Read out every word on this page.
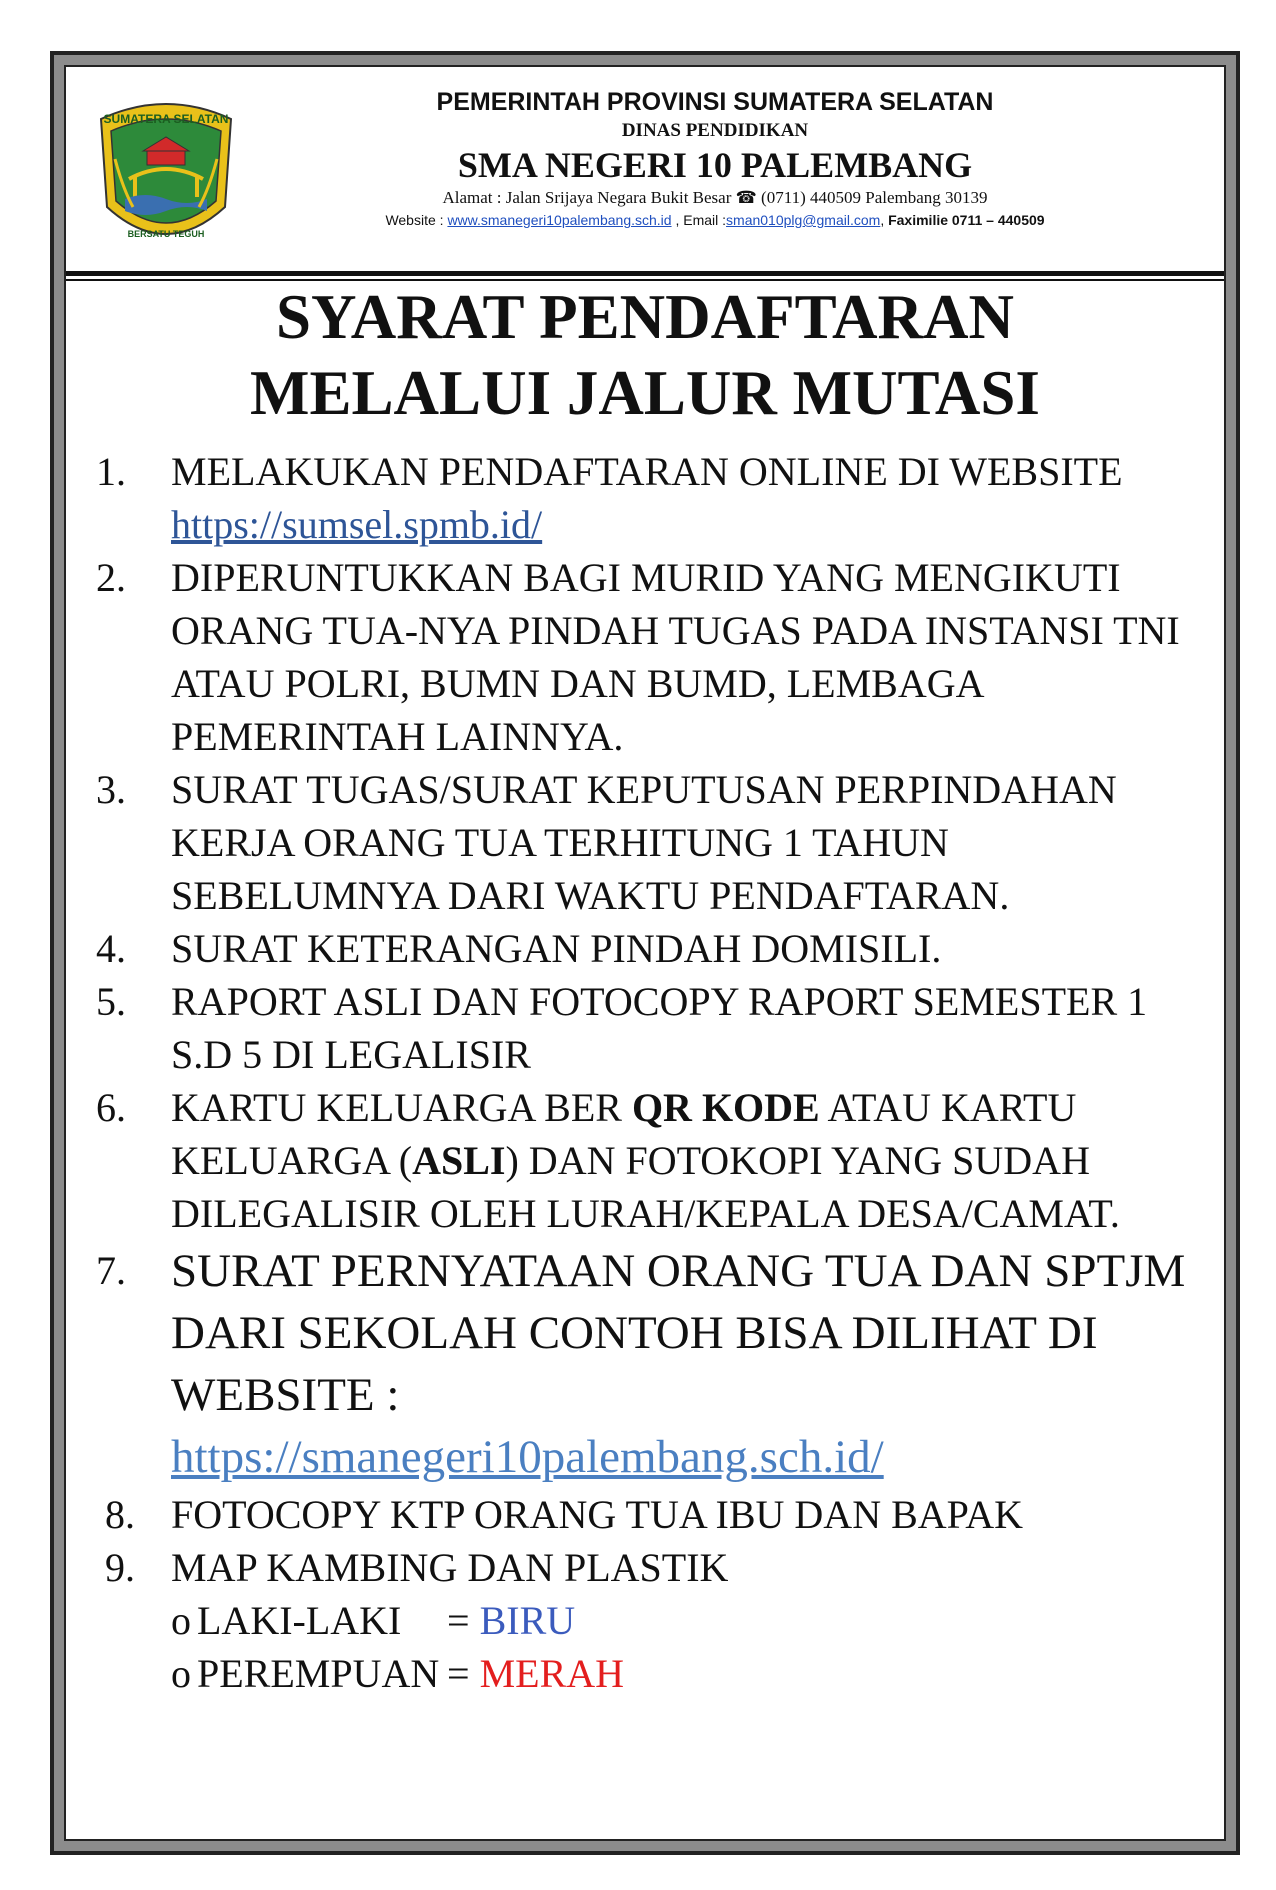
SUMATERA SELATAN
BERSATU TEGUH
PEMERINTAH PROVINSI SUMATERA SELATAN
DINAS PENDIDIKAN
SMA NEGERI 10 PALEMBANG
Alamat : Jalan Srijaya Negara Bukit Besar ☎ (0711) 440509 Palembang 30139
Website : www.smanegeri10palembang.sch.id , Email :sman010plg@gmail.com, Faximilie 0711 – 440509
SYARAT PENDAFTARAN
MELALUI JALUR MUTASI
1. MELAKUKAN PENDAFTARAN ONLINE DI WEBSITE
https://sumsel.spmb.id/
2. DIPERUNTUKKAN BAGI MURID YANG MENGIKUTI ORANG TUA-NYA PINDAH TUGAS PADA INSTANSI TNI ATAU POLRI, BUMN DAN BUMD, LEMBAGA PEMERINTAH LAINNYA.
3. SURAT TUGAS/SURAT KEPUTUSAN PERPINDAHAN KERJA ORANG TUA TERHITUNG 1 TAHUN SEBELUMNYA DARI WAKTU PENDAFTARAN.
4. SURAT KETERANGAN PINDAH DOMISILI.
5. RAPORT ASLI DAN FOTOCOPY RAPORT SEMESTER 1 S.D 5 DI LEGALISIR
6. KARTU KELUARGA BER QR KODE ATAU KARTU KELUARGA (ASLI) DAN FOTOKOPI YANG SUDAH DILEGALISIR OLEH LURAH/KEPALA DESA/CAMAT.
7. SURAT PERNYATAAN ORANG TUA DAN SPTJM DARI SEKOLAH CONTOH BISA DILIHAT DI WEBSITE :
https://smanegeri10palembang.sch.id/
8. FOTOCOPY KTP ORANG TUA IBU DAN BAPAK
9. MAP KAMBING DAN PLASTIK
o LAKI-LAKI = BIRU
o PEREMPUAN = MERAH
